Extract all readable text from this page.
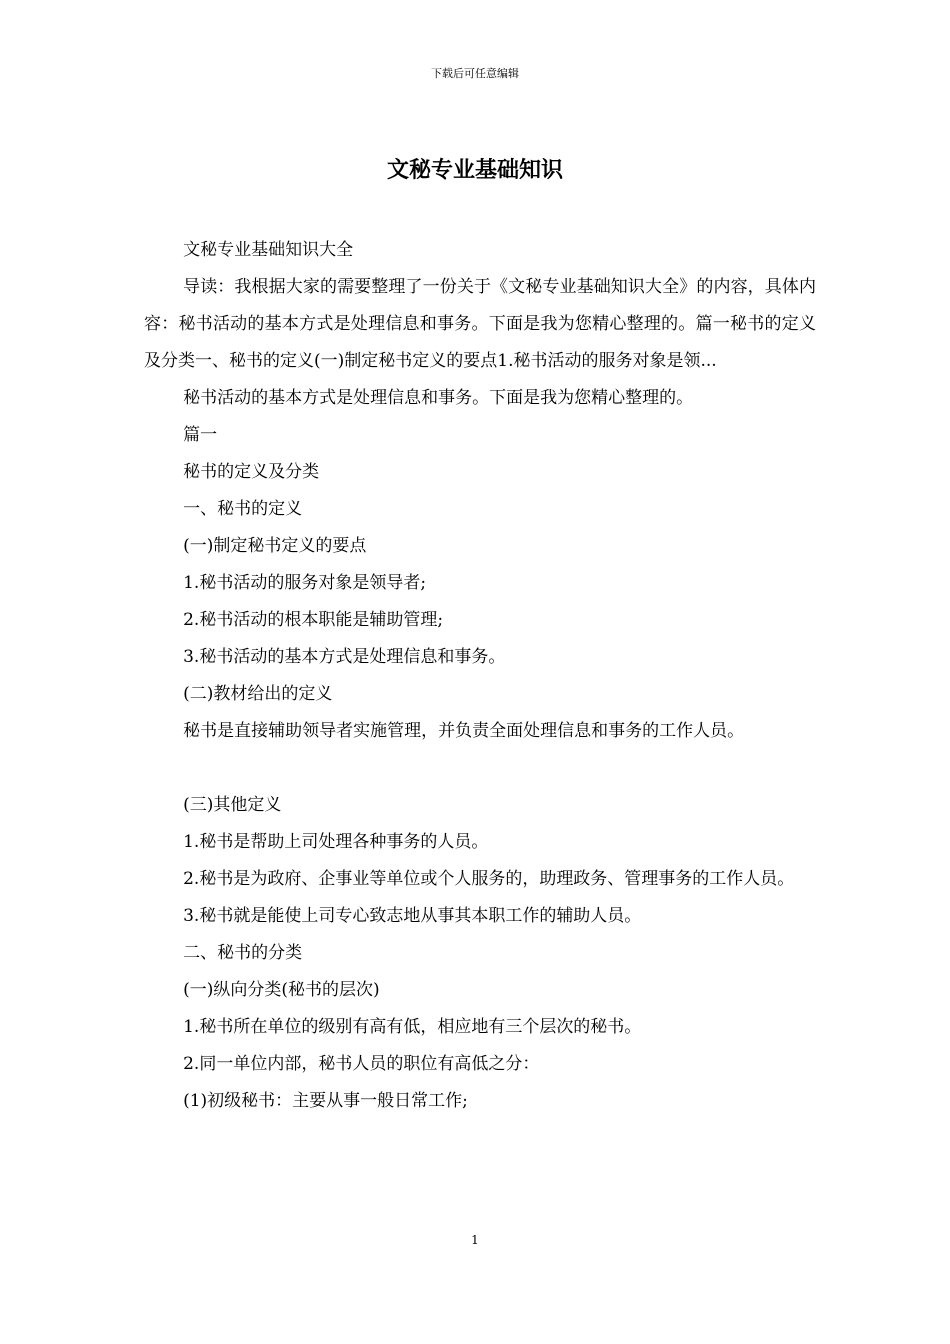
下载后可任意编辑
文秘专业基础知识

文秘专业基础知识大全

导读：我根据大家的需要整理了一份关于《文秘专业基础知识大全》的内容，具体内容：秘书活动的基本方式是处理信息和事务。下面是我为您精心整理的。篇一秘书的定义及分类一、秘书的定义(一)制定秘书定义的要点1.秘书活动的服务对象是领...

秘书活动的基本方式是处理信息和事务。下面是我为您精心整理的。

篇一

秘书的定义及分类

一、秘书的定义

(一)制定秘书定义的要点

1.秘书活动的服务对象是领导者;

2.秘书活动的根本职能是辅助管理;

3.秘书活动的基本方式是处理信息和事务。

(二)教材给出的定义

秘书是直接辅助领导者实施管理，并负责全面处理信息和事务的工作人员。

(三)其他定义

1.秘书是帮助上司处理各种事务的人员。

2.秘书是为政府、企事业等单位或个人服务的，助理政务、管理事务的工作人员。

3.秘书就是能使上司专心致志地从事其本职工作的辅助人员。

二、秘书的分类

(一)纵向分类(秘书的层次)

1.秘书所在单位的级别有高有低，相应地有三个层次的秘书。

2.同一单位内部，秘书人员的职位有高低之分：

(1)初级秘书：主要从事一般日常工作;

1
